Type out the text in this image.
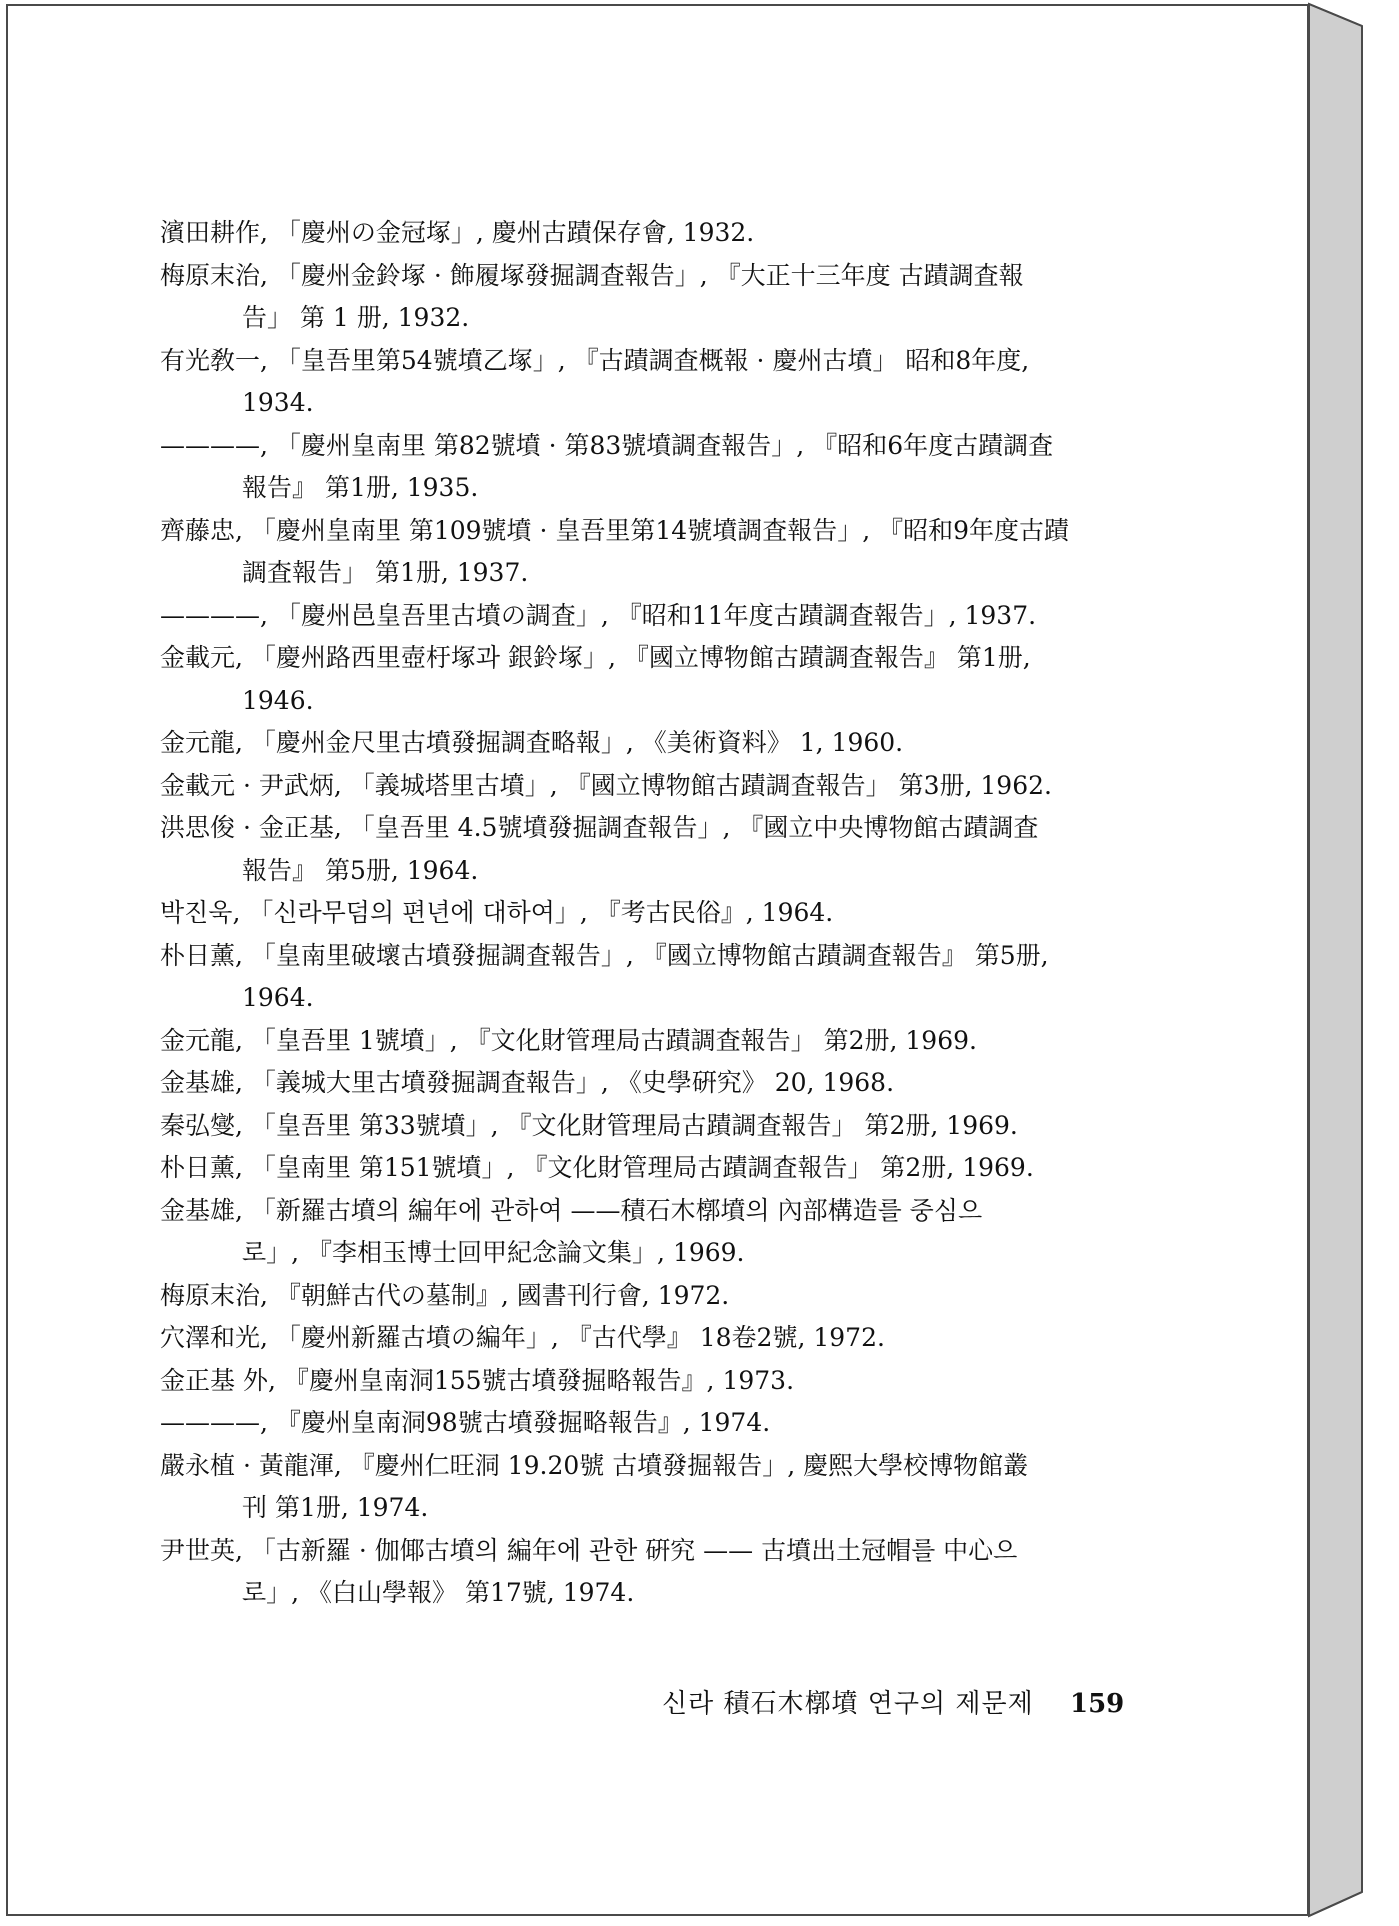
濱田耕作, 「慶州の金冠塚」, 慶州古蹟保存會, 1932.

梅原末治, 「慶州金鈴塚 · 飾履塚發掘調査報告」, 『大正十三年度 古蹟調査報
告」 第 1 册, 1932.

有光敎一, 「皇吾里第54號墳乙塚」, 『古蹟調査概報 · 慶州古墳」 昭和8年度,
1934.

————, 「慶州皇南里 第82號墳 · 第83號墳調査報告」, 『昭和6年度古蹟調査
報告』 第1册, 1935.

齊藤忠, 「慶州皇南里 第109號墳 · 皇吾里第14號墳調査報告」, 『昭和9年度古蹟
調査報告」 第1册, 1937.

————, 「慶州邑皇吾里古墳の調査」, 『昭和11年度古蹟調査報告」, 1937.

金載元, 「慶州路西里壺杅塚과 銀鈴塚」, 『國立博物館古蹟調査報告』 第1册,
1946.

金元龍, 「慶州金尺里古墳發掘調査略報」, 《美術資料》 1, 1960.

金載元 · 尹武炳, 「義城塔里古墳」, 『國立博物館古蹟調査報告」 第3册, 1962.

洪思俊 · 金正基, 「皇吾里 4.5號墳發掘調査報告」, 『國立中央博物館古蹟調査
報告』 第5册, 1964.

박진욱, 「신라무덤의 편년에 대하여」, 『考古民俗』, 1964.

朴日薰, 「皇南里破壞古墳發掘調査報告」, 『國立博物館古蹟調査報告』 第5册,
1964.

金元龍, 「皇吾里 1號墳」, 『文化財管理局古蹟調査報告」 第2册, 1969.

金基雄, 「義城大里古墳發掘調査報告」, 《史學硏究》 20, 1968.

秦弘燮, 「皇吾里 第33號墳」, 『文化財管理局古蹟調査報告」 第2册, 1969.

朴日薰, 「皇南里 第151號墳」, 『文化財管理局古蹟調査報告」 第2册, 1969.

金基雄, 「新羅古墳의 編年에 관하여 ——積石木槨墳의 內部構造를 중심으
로」, 『李相玉博士回甲紀念論文集」, 1969.

梅原末治, 『朝鮮古代の墓制』, 國書刊行會, 1972.

穴澤和光, 「慶州新羅古墳の編年」, 『古代學』 18卷2號, 1972.

金正基 外, 『慶州皇南洞155號古墳發掘略報告』, 1973.

————, 『慶州皇南洞98號古墳發掘略報告』, 1974.

嚴永植 · 黃龍渾, 『慶州仁旺洞 19.20號 古墳發掘報告」, 慶熙大學校博物館叢
刊 第1册, 1974.

尹世英, 「古新羅 · 伽倻古墳의 編年에 관한 硏究 —— 古墳出土冠帽를 中心으
로」, 《白山學報》 第17號, 1974.

신라 積石木槨墳 연구의 제문제 159
